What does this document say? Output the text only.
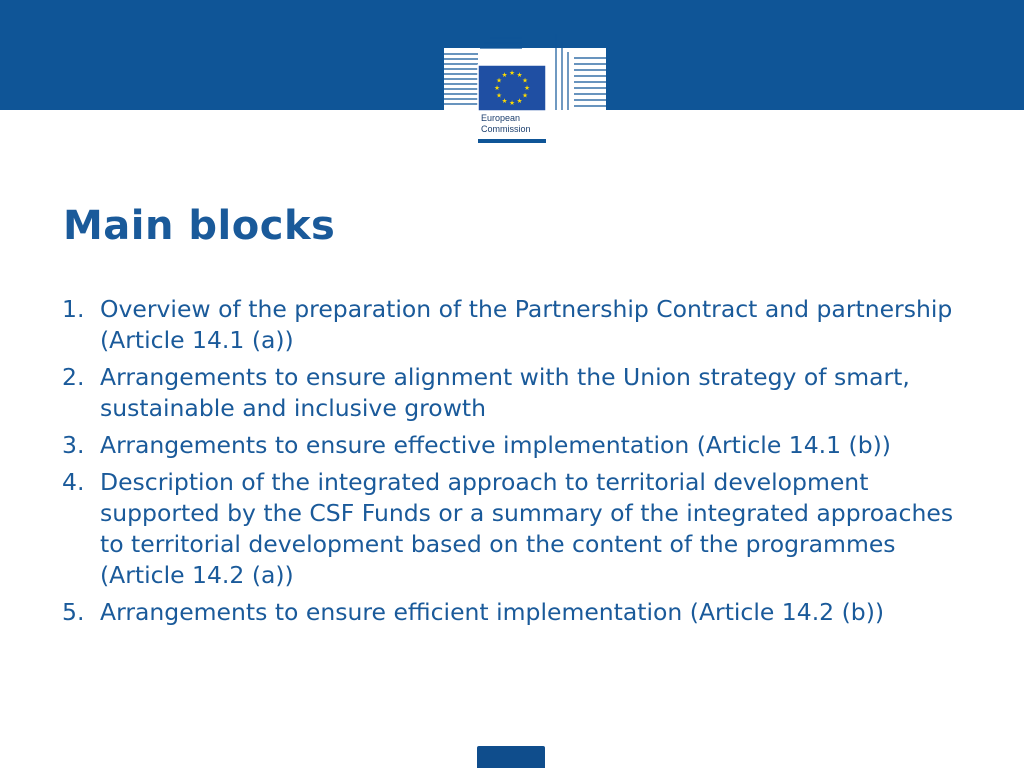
★ ★
★
★
★
★
★
★
★
★
★
★
European
Commission
Main blocks
1. Overview of the preparation of the Partnership Contract and partnership (Article 14.1 (a))
2. Arrangements to ensure alignment with the Union strategy of smart, sustainable and inclusive growth
3. Arrangements to ensure effective implementation (Article 14.1 (b))
4. Description of the integrated approach to territorial development supported by the CSF Funds or a summary of the integrated approaches to territorial development based on the content of the programmes (Article 14.2 (a))
5. Arrangements to ensure efficient implementation (Article 14.2 (b))
